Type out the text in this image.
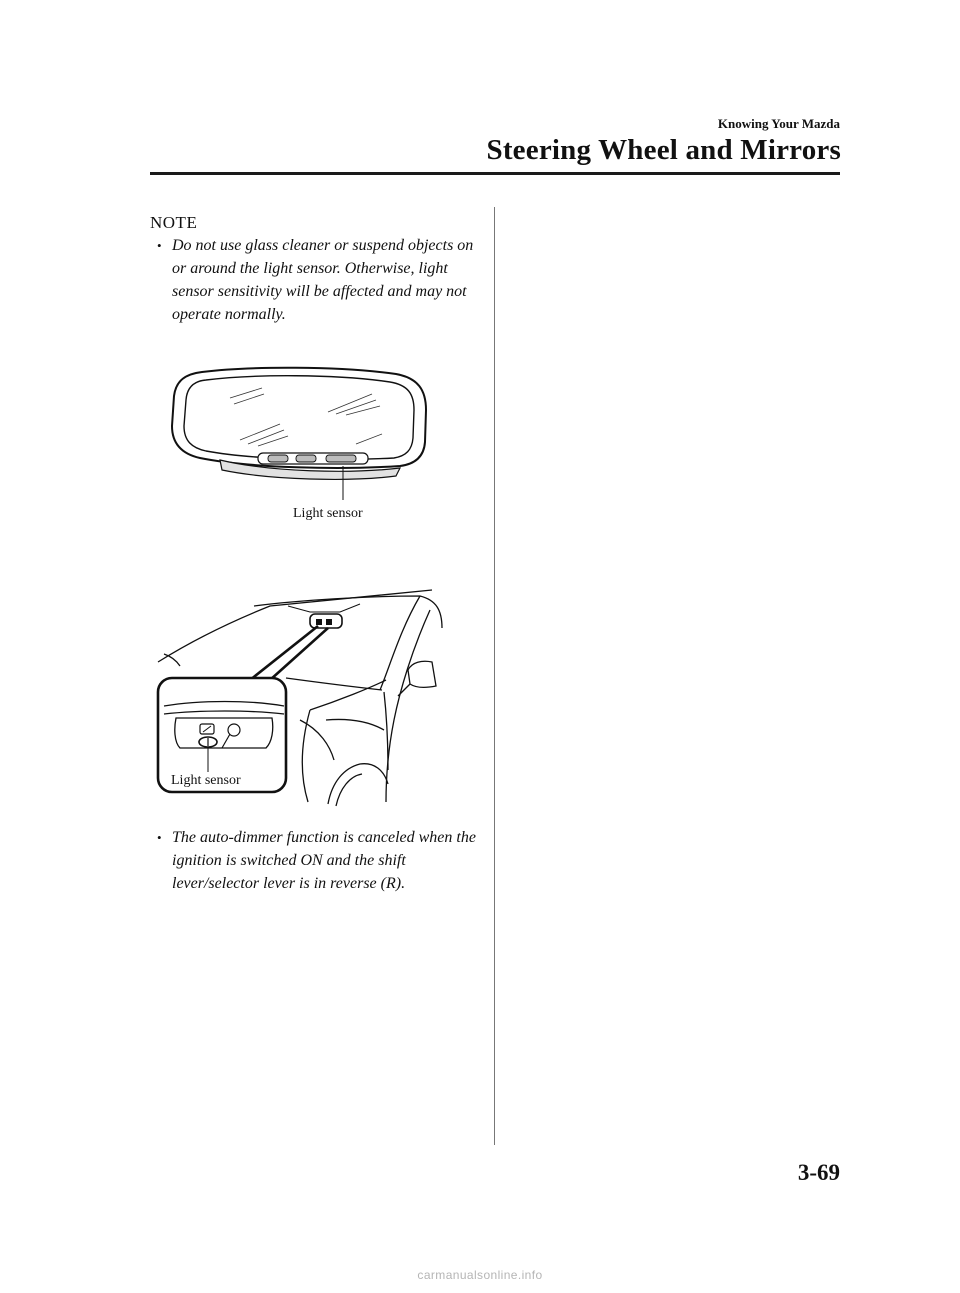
Knowing Your Mazda
Steering Wheel and Mirrors
NOTE
• Do not use glass cleaner or suspend objects on or around the light sensor. Otherwise, light sensor sensitivity will be affected and may not operate normally.
Light sensor
Light sensor
• The auto-dimmer function is canceled when the ignition is switched ON and the shift lever/selector lever is in reverse (R).
3-69
carmanualsonline.info
